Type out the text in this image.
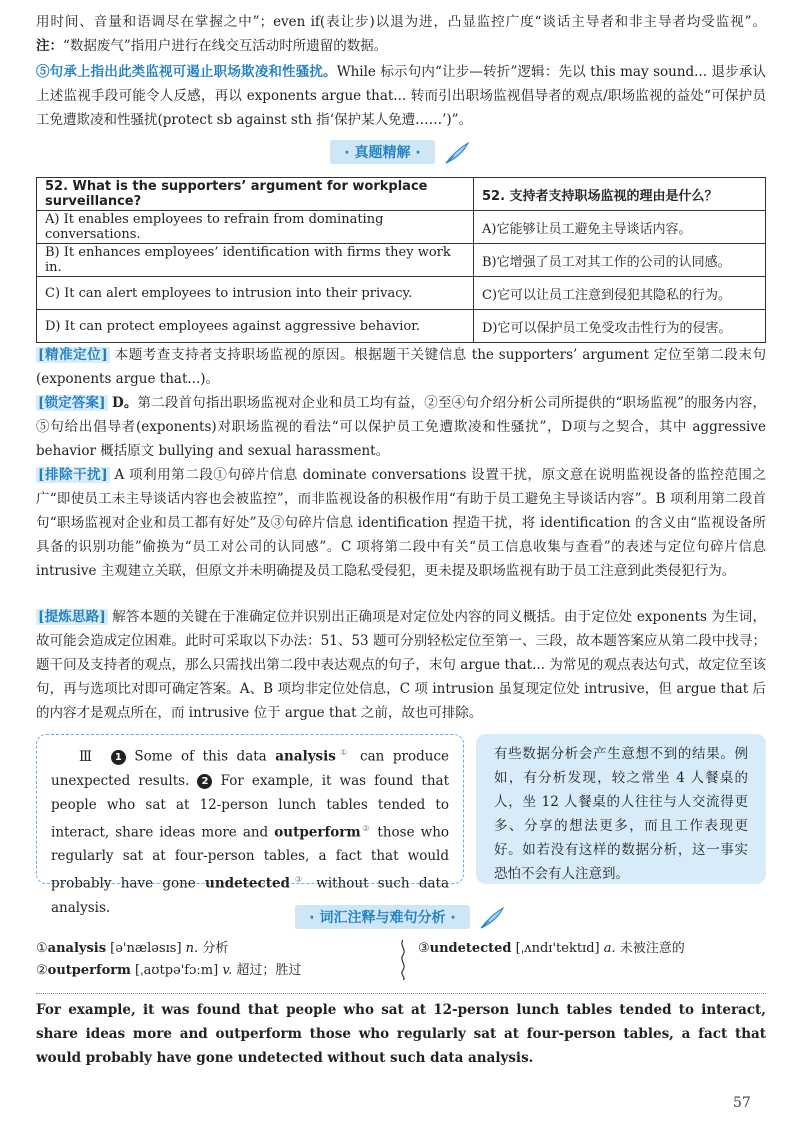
用时间、音量和语调尽在掌握之中”；even if(表让步)以退为进，凸显监控广度“谈话主导者和非主导者均受监视”。注：“数据废气”指用户进行在线交互活动时所遗留的数据。
⑤句承上指出此类监视可遏止职场欺凌和性骚扰。While 标示句内“让步—转折”逻辑：先以 this may sound... 退步承认上述监视手段可能令人反感，再以 exponents argue that... 转而引出职场监视倡导者的观点/职场监视的益处“可保护员工免遭欺凌和性骚扰(protect sb against sth 指‘保护某人免遭……’)”。
· 真题精解 ·
52. What is the supporters’ argument for workplace surveillance?	52. 支持者支持职场监视的理由是什么？
A) It enables employees to refrain from dominating conversations.	A)它能够让员工避免主导谈话内容。
B) It enhances employees’ identification with firms they work in.	B)它增强了员工对其工作的公司的认同感。
C) It can alert employees to intrusion into their privacy.	C)它可以让员工注意到侵犯其隐私的行为。
D) It can protect employees against aggressive behavior.	D)它可以保护员工免受攻击性行为的侵害。
[精准定位] 本题考查支持者支持职场监视的原因。根据题干关键信息 the supporters’ argument 定位至第二段末句(exponents argue that...)。
[锁定答案] D。第二段首句指出职场监视对企业和员工均有益，②至④句介绍分析公司所提供的“职场监视”的服务内容，⑤句给出倡导者(exponents)对职场监视的看法“可以保护员工免遭欺凌和性骚扰”，D项与之契合，其中 aggressive behavior 概括原文 bullying and sexual harassment。
[排除干扰] A 项利用第二段①句碎片信息 dominate conversations 设置干扰，原文意在说明监视设备的监控范围之广“即使员工未主导谈话内容也会被监控”，而非监视设备的积极作用“有助于员工避免主导谈话内容”。B 项利用第二段首句“职场监视对企业和员工都有好处”及③句碎片信息 identification 捏造干扰，将 identification 的含义由“监视设备所具备的识别功能”偷换为“员工对公司的认同感”。C 项将第二段中有关“员工信息收集与查看”的表述与定位句碎片信息 intrusive 主观建立关联，但原文并未明确提及员工隐私受侵犯，更未提及职场监视有助于员工注意到此类侵犯行为。
[提炼思路] 解答本题的关键在于准确定位并识别出正确项是对定位处内容的同义概括。由于定位处 exponents 为生词，故可能会造成定位困难。此时可采取以下办法：51、53 题可分别轻松定位至第一、三段，故本题答案应从第二段中找寻；题干问及支持者的观点，那么只需找出第二段中表达观点的句子，末句 argue that... 为常见的观点表达句式，故定位至该句，再与选项比对即可确定答案。A、B 项均非定位处信息，C 项 intrusion 虽复现定位处 intrusive，但 argue that 后的内容才是观点所在，而 intrusive 位于 argue that 之前，故也可排除。
Ⅲ 1 Some of this data analysis① can produce unexpected results. 2 For example, it was found that people who sat at 12-person lunch tables tended to interact, share ideas more and outperform② those who regularly sat at four-person tables, a fact that would probably have gone undetected③ without such data analysis.
有些数据分析会产生意想不到的结果。例如，有分析发现，较之常坐 4 人餐桌的人，坐 12 人餐桌的人往往与人交流得更多、分享的想法更多，而且工作表现更好。如若没有这样的数据分析，这一事实恐怕不会有人注意到。
· 词汇注释与难句分析 ·
①analysis [ə'næləsɪs] n. 分析
②outperform [ˌaʊtpə'fɔːm] v. 超过；胜过
③undetected [ˌʌndɪ'tektɪd] a. 未被注意的
For example, it was found that people who sat at 12-person lunch tables tended to interact, share ideas more and outperform those who regularly sat at four-person tables, a fact that would probably have gone undetected without such data analysis.
57
